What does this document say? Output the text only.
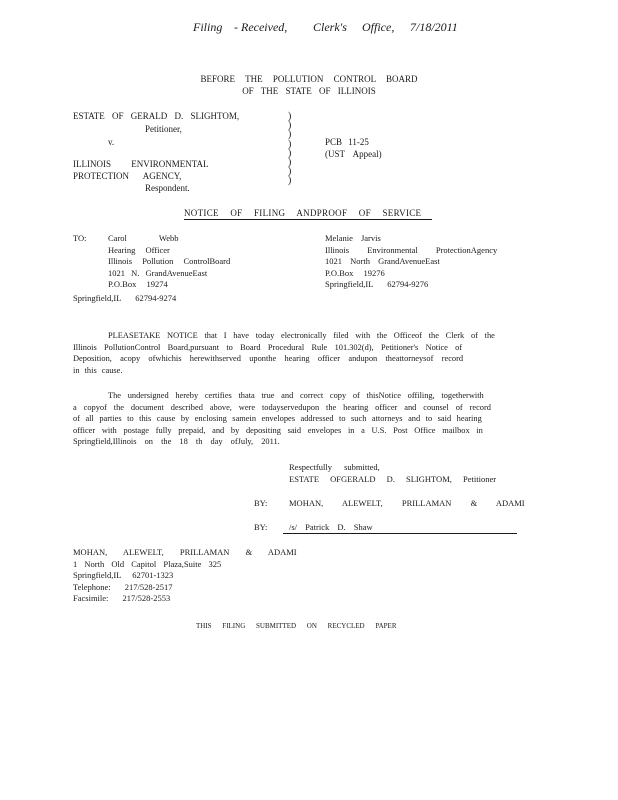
Filing - Received, Clerk's Office, 7/18/2011
BEFORE THE POLLUTION CONTROL BOARD
OF THE STATE OF ILLINOIS
ESTATE OF GERALD D. SLIGHTOM,
Petitioner,
v.
ILLINOIS ENVIRONMENTAL
PROTECTION AGENCY,
Respondent.
)
)
)
)
)
)
)
)
PCB 11-25
(UST Appeal)
NOTICE OF FILING ANDPROOF OF SERVICE
TO:	Carol Webb
Hearing Officer
Illinois Pollution ControlBoard
1021 N. GrandAvenueEast
P.O.Box 19274
Springfield,IL 62794-9274
Melanie Jarvis
Illinois Environmental ProtectionAgency
1021 North GrandAvenueEast
P.O.Box 19276
Springfield,IL 62794-9276
PLEASETAKE NOTICE that I have today electronically filed with the Officeof the Clerk of the
Illinois PollutionControl Board,pursuant to Board Procedural Rule 101.302(d), Petitioner's Notice of
Deposition, acopy ofwhichis herewithserved uponthe hearing officer andupon theattorneysof record
in this cause.
The undersigned hereby certifies thata true and correct copy of thisNotice offiling, togetherwith
a copyof the document described above, were todayservedupon the hearing officer and counsel of record
of all parties to this cause by enclosing samein envelopes addressed to such attorneys and to said hearing
officer with postage fully prepaid, and by depositing said envelopes in a U.S. Post Office mailbox in
Springfield,Illinois on the 18 th day ofJuly, 2011.
Respectfully submitted,
ESTATE OFGERALD D. SLIGHTOM, Petitioner
BY:	MOHAN, ALEWELT, PRILLAMAN & ADAMI
BY:	/s/ Patrick D. Shaw
MOHAN, ALEWELT, PRILLAMAN & ADAMI
1 North Old Capitol Plaza,Suite 325
Springfield,IL 62701-1323
Telephone: 217/528-2517
Facsimile: 217/528-2553
THIS FILING SUBMITTED ON RECYCLED PAPER
